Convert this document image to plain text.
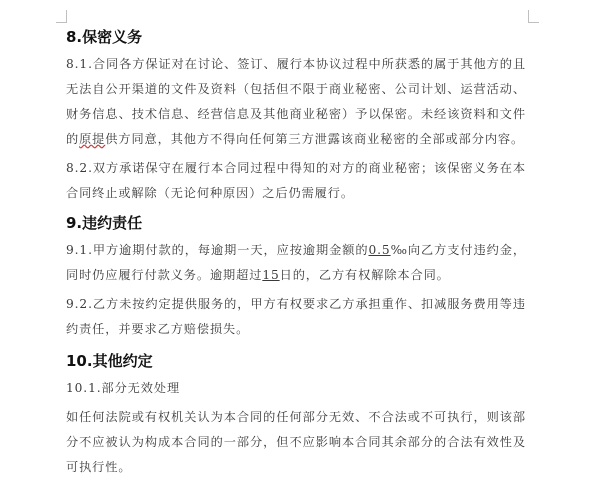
8.保密义务

8.1.合同各方保证对在讨论、签订、履行本协议过程中所获悉的属于其他方的且无法自公开渠道的文件及资料（包括但不限于商业秘密、公司计划、运营活动、财务信息、技术信息、经营信息及其他商业秘密）予以保密。未经该资料和文件的原提供方同意，其他方不得向任何第三方泄露该商业秘密的全部或部分内容。

8.2.双方承诺保守在履行本合同过程中得知的对方的商业秘密；该保密义务在本合同终止或解除（无论何种原因）之后仍需履行。

9.违约责任

9.1.甲方逾期付款的，每逾期一天，应按逾期金额的0.5‰向乙方支付违约金，同时仍应履行付款义务。逾期超过15日的，乙方有权解除本合同。

9.2.乙方未按约定提供服务的，甲方有权要求乙方承担重作、扣减服务费用等违约责任，并要求乙方赔偿损失。

10.其他约定

10.1.部分无效处理

如任何法院或有权机关认为本合同的任何部分无效、不合法或不可执行，则该部分不应被认为构成本合同的一部分，但不应影响本合同其余部分的合法有效性及可执行性。
